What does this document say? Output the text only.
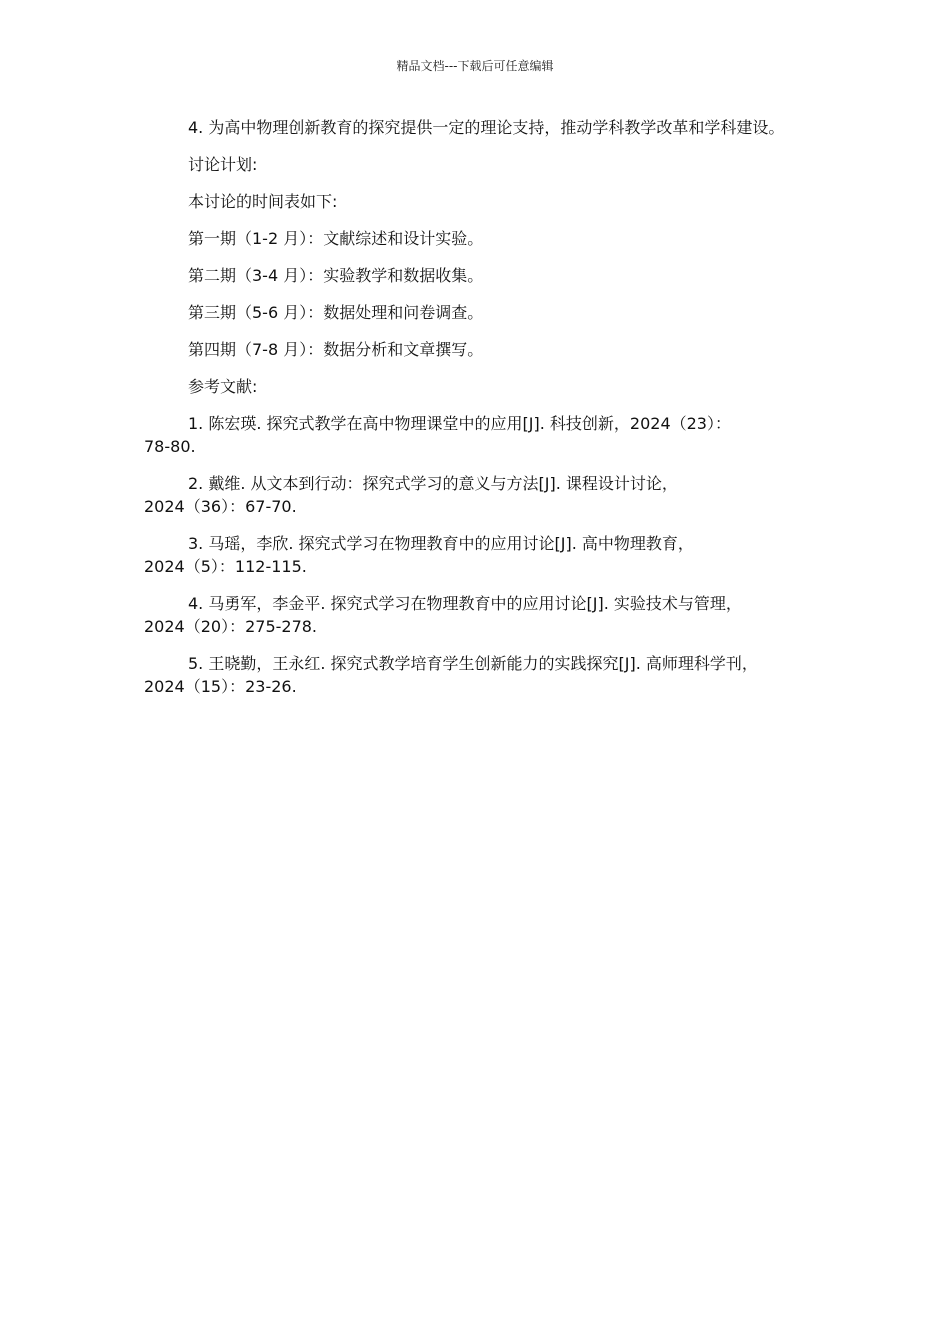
精品文档---下载后可任意编辑

4. 为高中物理创新教育的探究提供一定的理论支持，推动学科教学改革和学科建设。

讨论计划:

本讨论的时间表如下:

第一期（1-2 月）：文献综述和设计实验。

第二期（3-4 月）：实验教学和数据收集。

第三期（5-6 月）：数据处理和问卷调查。

第四期（7-8 月）：数据分析和文章撰写。

参考文献:

1. 陈宏瑛. 探究式教学在高中物理课堂中的应用[J]. 科技创新，2024（23）：
78-80.
2. 戴维. 从文本到行动：探究式学习的意义与方法[J]. 课程设计讨论，
2024（36）：67-70.
3. 马瑶，李欣. 探究式学习在物理教育中的应用讨论[J]. 高中物理教育，
2024（5）：112-115.
4. 马勇军，李金平. 探究式学习在物理教育中的应用讨论[J]. 实验技术与管理，
2024（20）：275-278.
5. 王晓勤，王永红. 探究式教学培育学生创新能力的实践探究[J]. 高师理科学刊，
2024（15）：23-26.
